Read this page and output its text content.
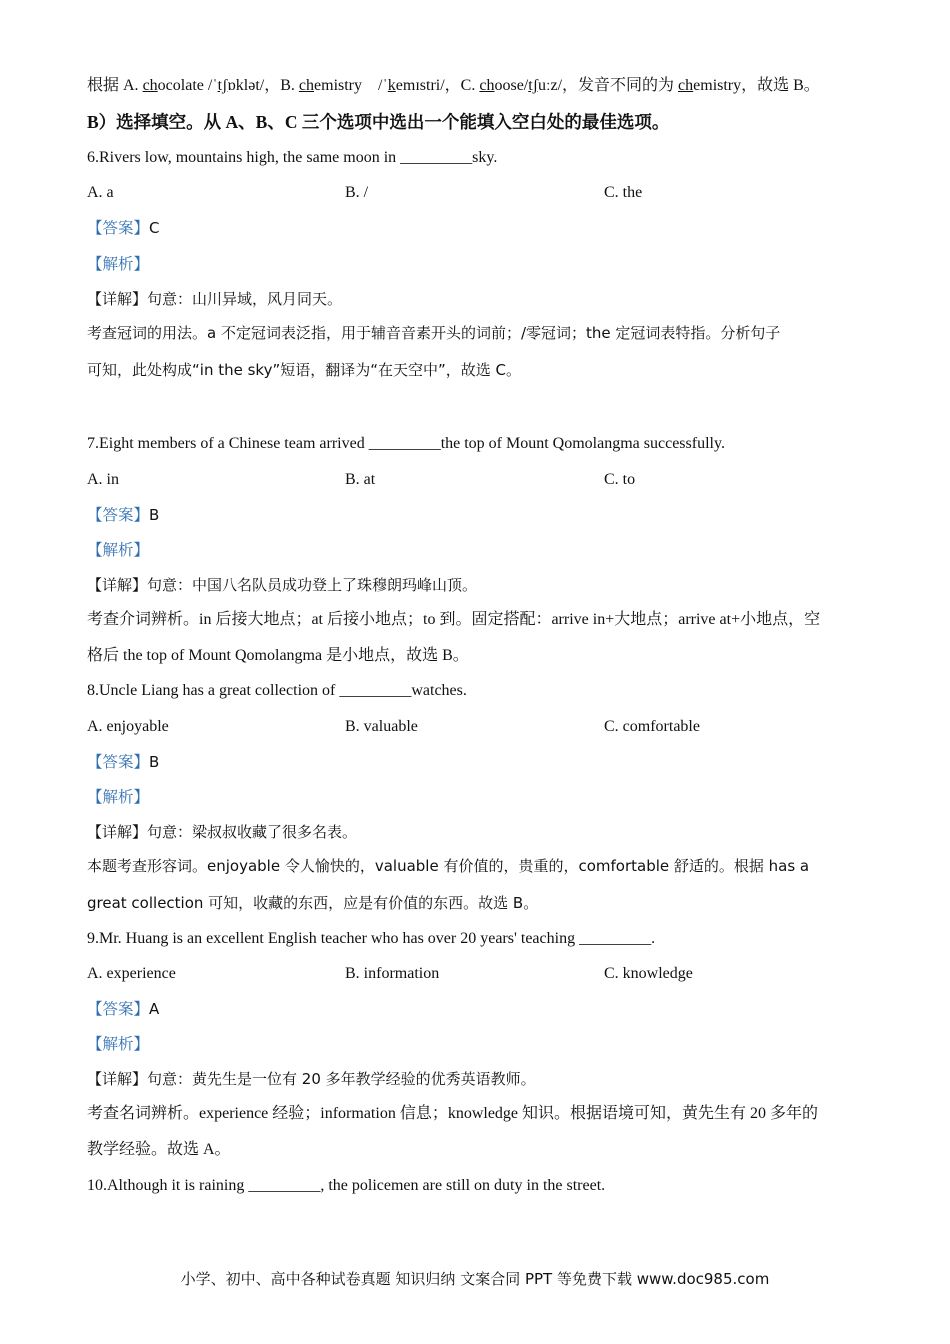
根据 A. chocolate /ˈtʃɒklət/，B. chemistry　/ˈkemɪstri/，C. choose/tʃuːz/，发音不同的为 chemistry，故选 B。
B）选择填空。从 A、B、C 三个选项中选出一个能填入空白处的最佳选项。
6.Rivers low, mountains high, the same moon in _________sky.
A. a	B. /	C. the
【答案】C
【解析】
【详解】句意：山川异域，风月同天。
考查冠词的用法。a 不定冠词表泛指，用于辅音音素开头的词前；/零冠词；the 定冠词表特指。分析句子
可知，此处构成“in the sky”短语，翻译为“在天空中”，故选 C。
7.Eight members of a Chinese team arrived _________the top of Mount Qomolangma successfully.
A. in	B. at	C. to
【答案】B
【解析】
【详解】句意：中国八名队员成功登上了珠穆朗玛峰山顶。
考查介词辨析。in 后接大地点；at 后接小地点；to 到。固定搭配：arrive in+大地点；arrive at+小地点，空
格后 the top of Mount Qomolangma 是小地点，故选 B。
8.Uncle Liang has a great collection of _________watches.
A. enjoyable	B. valuable	C. comfortable
【答案】B
【解析】
【详解】句意：梁叔叔收藏了很多名表。
本题考查形容词。enjoyable 令人愉快的，valuable 有价值的，贵重的，comfortable 舒适的。根据 has a
great collection 可知，收藏的东西，应是有价值的东西。故选 B。
9.Mr. Huang is an excellent English teacher who has over 20 years' teaching _________.
A. experience	B. information	C. knowledge
【答案】A
【解析】
【详解】句意：黄先生是一位有 20 多年教学经验的优秀英语教师。
考查名词辨析。experience 经验；information 信息；knowledge 知识。根据语境可知，黄先生有 20 多年的
教学经验。故选 A。
10.Although it is raining _________, the policemen are still on duty in the street.
小学、初中、高中各种试卷真题 知识归纳 文案合同 PPT 等免费下载 www.doc985.com
